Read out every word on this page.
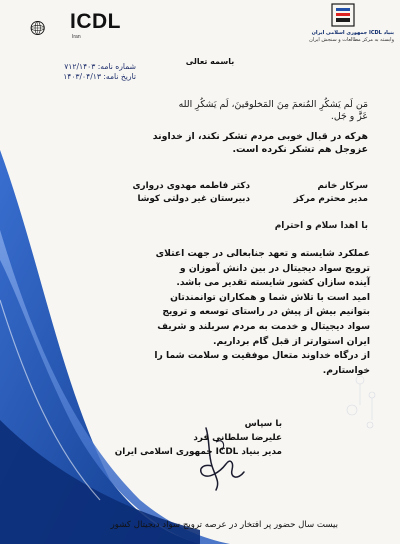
ICDL
Iran
بنیاد ICDL جمهوری اسلامی ایران
وابسته به مرکز مطالعات و سنجش ایران
شماره نامه: ۷۱۲/۱۴۰۳
تاریخ نامه: ۱۴۰۳/۰۴/۱۳
باسمه تعالی
مَن لَم یَشکُرِ المُنعمَ مِنَ المَخلوقینَ، لَم یَشکُرِ الله
عَزَّ و جَل.
هرکه در قبال خوبی مردم تشکر نکند، از خداوند
عزوجل هم تشکر نکرده است.
سرکار خانم
مدیر محترم مرکز
دکتر فاطمه مهدوی درواری
دبیرستان غیر دولتی کوشا
با اهدا سلام و احترام
عملکرد شایسته و تعهد جنابعالی در جهت اعتلای
ترویج سواد دیجیتال در بین دانش آموزان و
آینده سازان کشور شایسته تقدیر می باشد.
امید است با تلاش شما و همکاران توانمندتان
بتوانیم بیش از پیش در راستای توسعه و ترویج
سواد دیجیتال و خدمت به مردم سربلند و شریف
ایران استوارتر از قبل گام برداریم.
از درگاه خداوند متعال موفقیت و سلامت شما را
خواستارم.
با سپاس
علیرضا سلطانی فرد
مدیر بنیاد ICDL جمهوری اسلامی ایران
بیست سال حضور پر افتخار در عرصه ترویج سواد دیجیتال کشور
